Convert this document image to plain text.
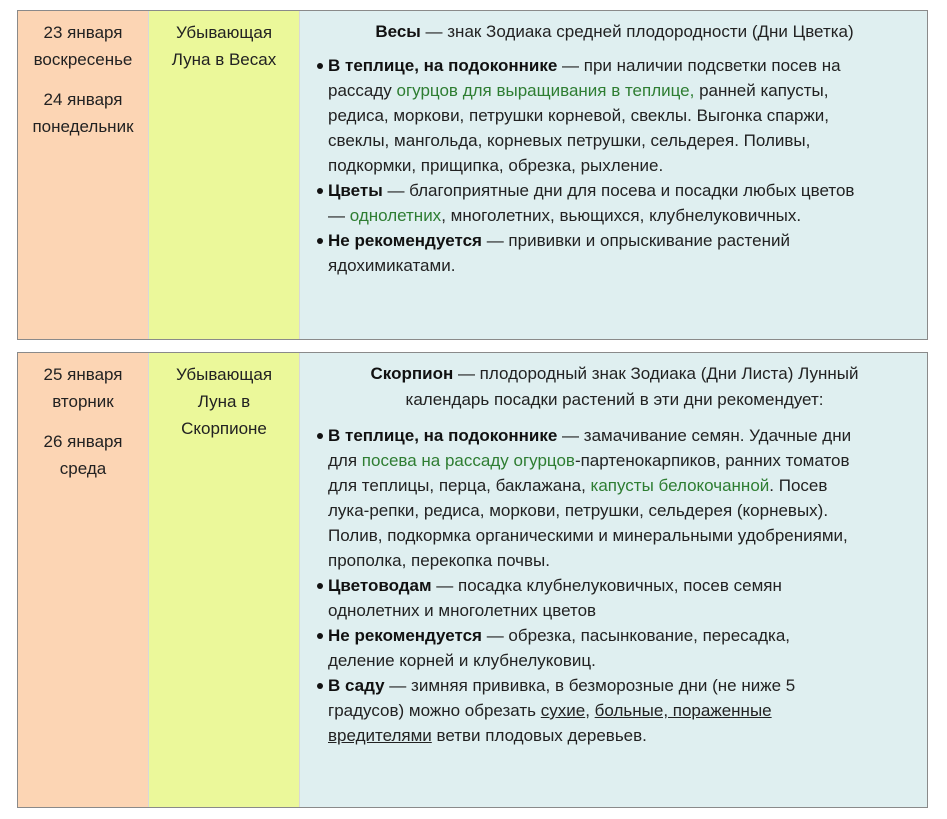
23 января
воскресенье
24 января
понедельник
Убывающая
Луна в Весах
Весы — знак Зодиака средней плодородности (Дни Цветка)
В теплице, на подоконнике — при наличии подсветки посев на
рассаду огурцов для выращивания в теплице, ранней капусты,
редиса, моркови, петрушки корневой, свеклы. Выгонка спаржи,
свеклы, мангольда, корневых петрушки, сельдерея. Поливы,
подкормки, прищипка, обрезка, рыхление.
Цветы — благоприятные дни для посева и посадки любых цветов
— однолетних, многолетних, вьющихся, клубнелуковичных.
Не рекомендуется — прививки и опрыскивание растений
ядохимикатами.
25 января
вторник
26 января
среда
Убывающая
Луна в
Скорпионе
Скорпион — плодородный знак Зодиака (Дни Листа) Лунный
календарь посадки растений в эти дни рекомендует:
В теплице, на подоконнике — замачивание семян. Удачные дни
для посева на рассаду огурцов-партенокарпиков, ранних томатов
для теплицы, перца, баклажана, капусты белокочанной. Посев
лука-репки, редиса, моркови, петрушки, сельдерея (корневых).
Полив, подкормка органическими и минеральными удобрениями,
прополка, перекопка почвы.
Цветоводам — посадка клубнелуковичных, посев семян
однолетних и многолетних цветов
Не рекомендуется — обрезка, пасынкование, пересадка,
деление корней и клубнелуковиц.
В саду — зимняя прививка, в безморозные дни (не ниже 5
градусов) можно обрезать сухие, больные, пораженные
вредителями ветви плодовых деревьев.
